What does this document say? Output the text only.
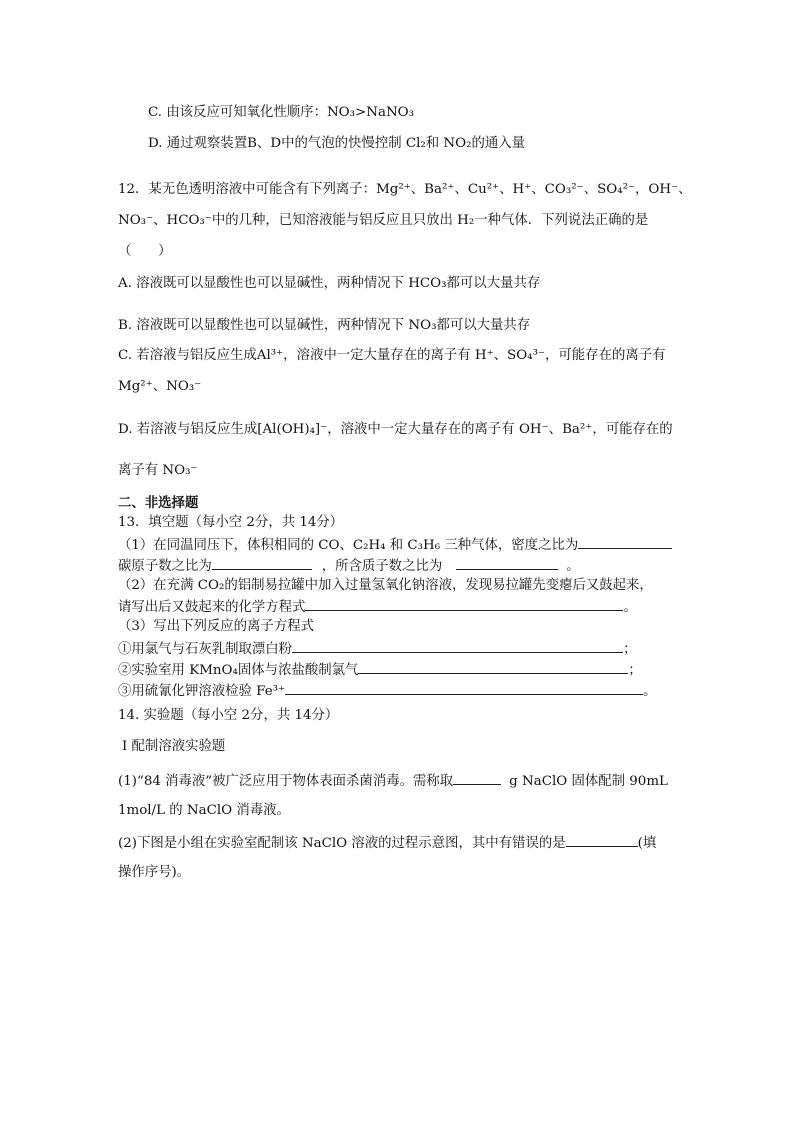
C. 由该反应可知氧化性顺序：NO₃>NaNO₃
D. 通过观察装置B、D中的气泡的快慢控制 Cl₂和 NO₂的通入量
12．某无色透明溶液中可能含有下列离子：Mg²⁺、Ba²⁺、Cu²⁺、H⁺、CO₃²⁻、SO₄²⁻，OH⁻、
NO₃⁻、HCO₃⁻中的几种，已知溶液能与铝反应且只放出 H₂一种气体．下列说法正确的是
（　　）
A. 溶液既可以显酸性也可以显碱性，两种情况下 HCO₃都可以大量共存
B. 溶液既可以显酸性也可以显碱性，两种情况下 NO₃都可以大量共存
C. 若溶液与铝反应生成Al³⁺，溶液中一定大量存在的离子有 H⁺、SO₄³⁻，可能存在的离子有
Mg²⁺、NO₃⁻
D. 若溶液与铝反应生成[Al(OH)₄]⁻，溶液中一定大量存在的离子有 OH⁻、Ba²⁺，可能存在的
离子有 NO₃⁻
二、非选择题
13．填空题（每小空 2分，共 14分）
（1）在同温同压下，体积相同的 CO、C₂H₄ 和 C₃H₆ 三种气体，密度之比为
碳原子数之比为	，所含质子数之比为	。
（2）在充满 CO₂的铝制易拉罐中加入过量氢氧化钠溶液，发现易拉罐先变瘪后又鼓起来，
请写出后又鼓起来的化学方程式	。
（3）写出下列反应的离子方程式
①用氯气与石灰乳制取漂白粉	；
②实验室用 KMnO₄固体与浓盐酸制氯气	；
③用硫氰化钾溶液检验 Fe³⁺	。
14. 实验题（每小空 2分，共 14分）
Ⅰ 配制溶液实验题
(1)“84 消毒液”被广泛应用于物体表面杀菌消毒。需称取	g NaClO 固体配制 90mL
1mol/L 的 NaClO 消毒液。
(2)下图是小组在实验室配制该 NaClO 溶液的过程示意图，其中有错误的是	(填
操作序号)。
